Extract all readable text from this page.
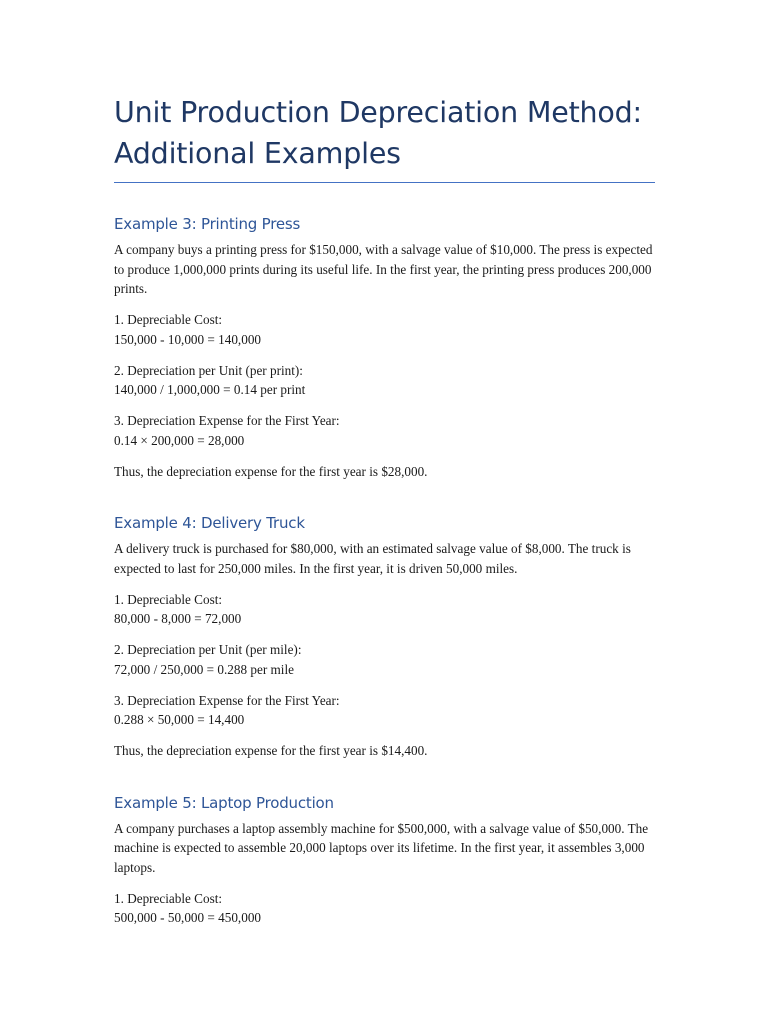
Unit Production Depreciation Method:
Additional Examples
Example 3: Printing Press

A company buys a printing press for $150,000, with a salvage value of $10,000. The press is expected to produce 1,000,000 prints during its useful life. In the first year, the printing press produces 200,000 prints.

1. Depreciable Cost:
150,000 - 10,000 = 140,000

2. Depreciation per Unit (per print):
140,000 / 1,000,000 = 0.14 per print

3. Depreciation Expense for the First Year:
0.14 × 200,000 = 28,000

Thus, the depreciation expense for the first year is $28,000.

Example 4: Delivery Truck

A delivery truck is purchased for $80,000, with an estimated salvage value of $8,000. The truck is expected to last for 250,000 miles. In the first year, it is driven 50,000 miles.

1. Depreciable Cost:
80,000 - 8,000 = 72,000

2. Depreciation per Unit (per mile):
72,000 / 250,000 = 0.288 per mile

3. Depreciation Expense for the First Year:
0.288 × 50,000 = 14,400

Thus, the depreciation expense for the first year is $14,400.

Example 5: Laptop Production

A company purchases a laptop assembly machine for $500,000, with a salvage value of $50,000. The machine is expected to assemble 20,000 laptops over its lifetime. In the first year, it assembles 3,000 laptops.

1. Depreciable Cost:
500,000 - 50,000 = 450,000
